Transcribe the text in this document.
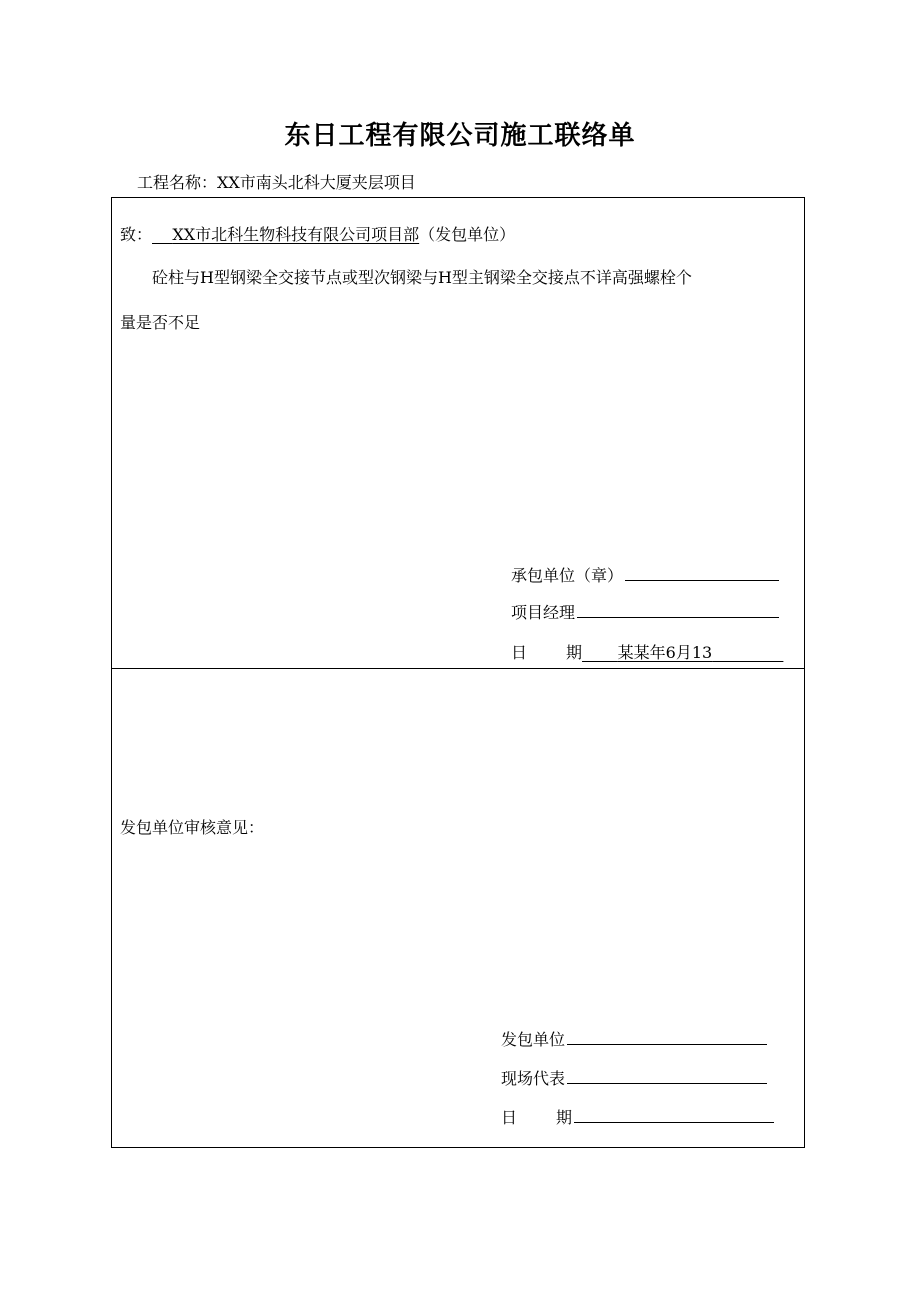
东日工程有限公司施工联络单
工程名称：XX市南头北科大厦夹层项目
致： XX市北科生物科技有限公司项目部（发包单位）
砼柱与H型钢梁全交接节点或型次钢梁与H型主钢梁全交接点不详高强螺栓个
量是否不足
承包单位（章）
项目经理
日 期 某某年6月13
发包单位审核意见：
发包单位
现场代表
日 期
